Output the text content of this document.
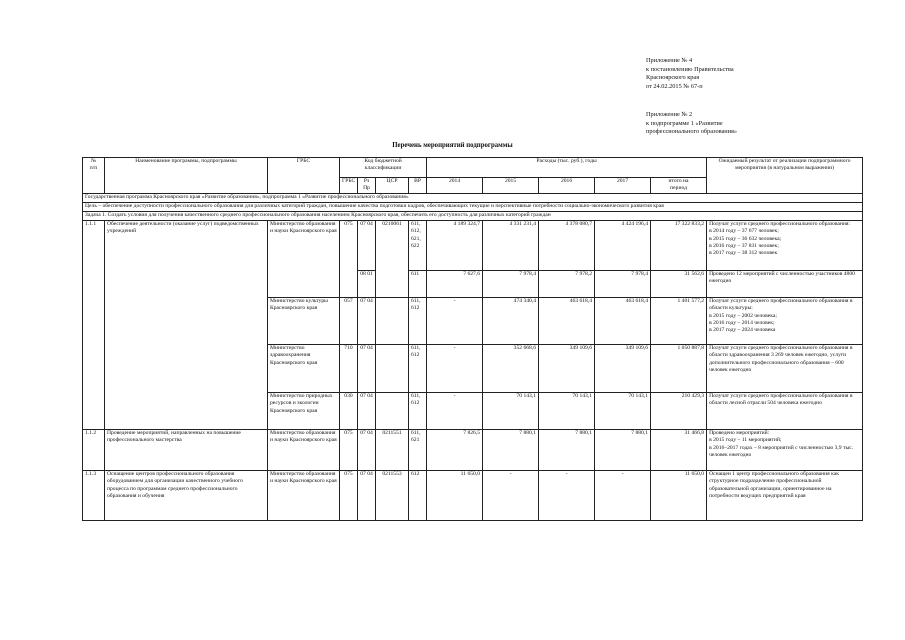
Приложение № 4
к постановлению Правительства
Красноярского края
от 24.02.2015 № 67-п
Приложение № 2
к подпрограмме 1 «Развитие
профессионального образования»
Перечень мероприятий подпрограммы
№
п/п	Наименование программы, подпрограммы	ГРБС	Код бюджетной
классификации				Расходы (тыс. руб.), годы					Ожидаемый результат от реализации подпрограммного мероприятия (в натуральном выражении)
			ГРБС	Рз Пр	ЦСР	ВР	2014	2015	2016	2017	итого на
период	
Государственная программа Красноярского края «Развитие образования», подпрограмма 1 «Развитие профессионального образования»												
Цель – обеспечение доступности профессионального образования для различных категорий граждан, повышение качества подготовки кадров, обеспечивающих текущие и перспективные потребности социально-экономического развития края												
Задача 1. Создать условия для получения качественного среднего профессионального образования населением Красноярского края, обеспечить его доступность для различных категорий граждан												
1.1.1	Обеспечение деятельности (оказание услуг) подведомственных учреждений	Министерство образования и науки Красноярского края	075	07 04	0210061	611,
612,
621,
622	4 189 324,7	4 331 231,4	4 378 080,7	4 424 196,4	17 322 833,2	Получат услуги среднего профессионального образования:
в 2014 году – 37 677 человек;
в 2015 году – 36 632 человека;
в 2016 году – 37 831 человек;
в 2017 году – 38 312 человек
				08 01		611	7 627,6	7 978,4	7 978,2	7 978,4	31 562,6	Проведено 12 мероприятий с численностью участников 4800 ежегодно
		Министерство культуры Красноярского края	057	07 04		611,
612	-	474 340,4	463 618,4	463 618,4	1 401 577,2	Получат услуги среднего профессионального образования в области культуры:
в 2015 году – 2002 человека;
в 2016 году – 2014 человек;
в 2017 году – 2024 человека
		Министерство здравоохранения Красноярского края	710	07 04		611,
612	-	352 668,6	349 109,6	349 109,6	1 050 887,8	Получат услуги среднего профессионального образования в области здравоохранения 3 269 человек ежегодно, услуги дополнительного профессионального образования – 600 человек ежегодно
		Министерство природных ресурсов и экологии Красноярского края	030	07 04		611,
612	-	70 143,1	70 143,1	70 143,1	210 429,3	Получат услуги среднего профессионального образования в области лесной отрасли 504 человека ежегодно
1.1.2	Проведение мероприятий, направленных на повышение профессионального мастерства	Министерство образования и науки Красноярского края	075	07 04	0211551	611,
621	7 826,5	7 880,1	7 880,1	7 880,1	31 466,8	Проведено мероприятий:
в 2015 году – 11 мероприятий;
в 2016–2017 годах – 8 мероприятий с численностью 3,9 тыс. человек ежегодно
1.1.3	Оснащение центров профессионального образования оборудованием для организации качественного учебного процесса по программам среднего профессионального образования и обучения	Министерство образования и науки Красноярского края	075	07 04	0211553	612	11 650,0	-	-	-	11 650,0	Оснащен 1 центр профессионального образования как структурное подразделение профессиональной образовательной организации, ориентированное на потребности ведущих предприятий края
